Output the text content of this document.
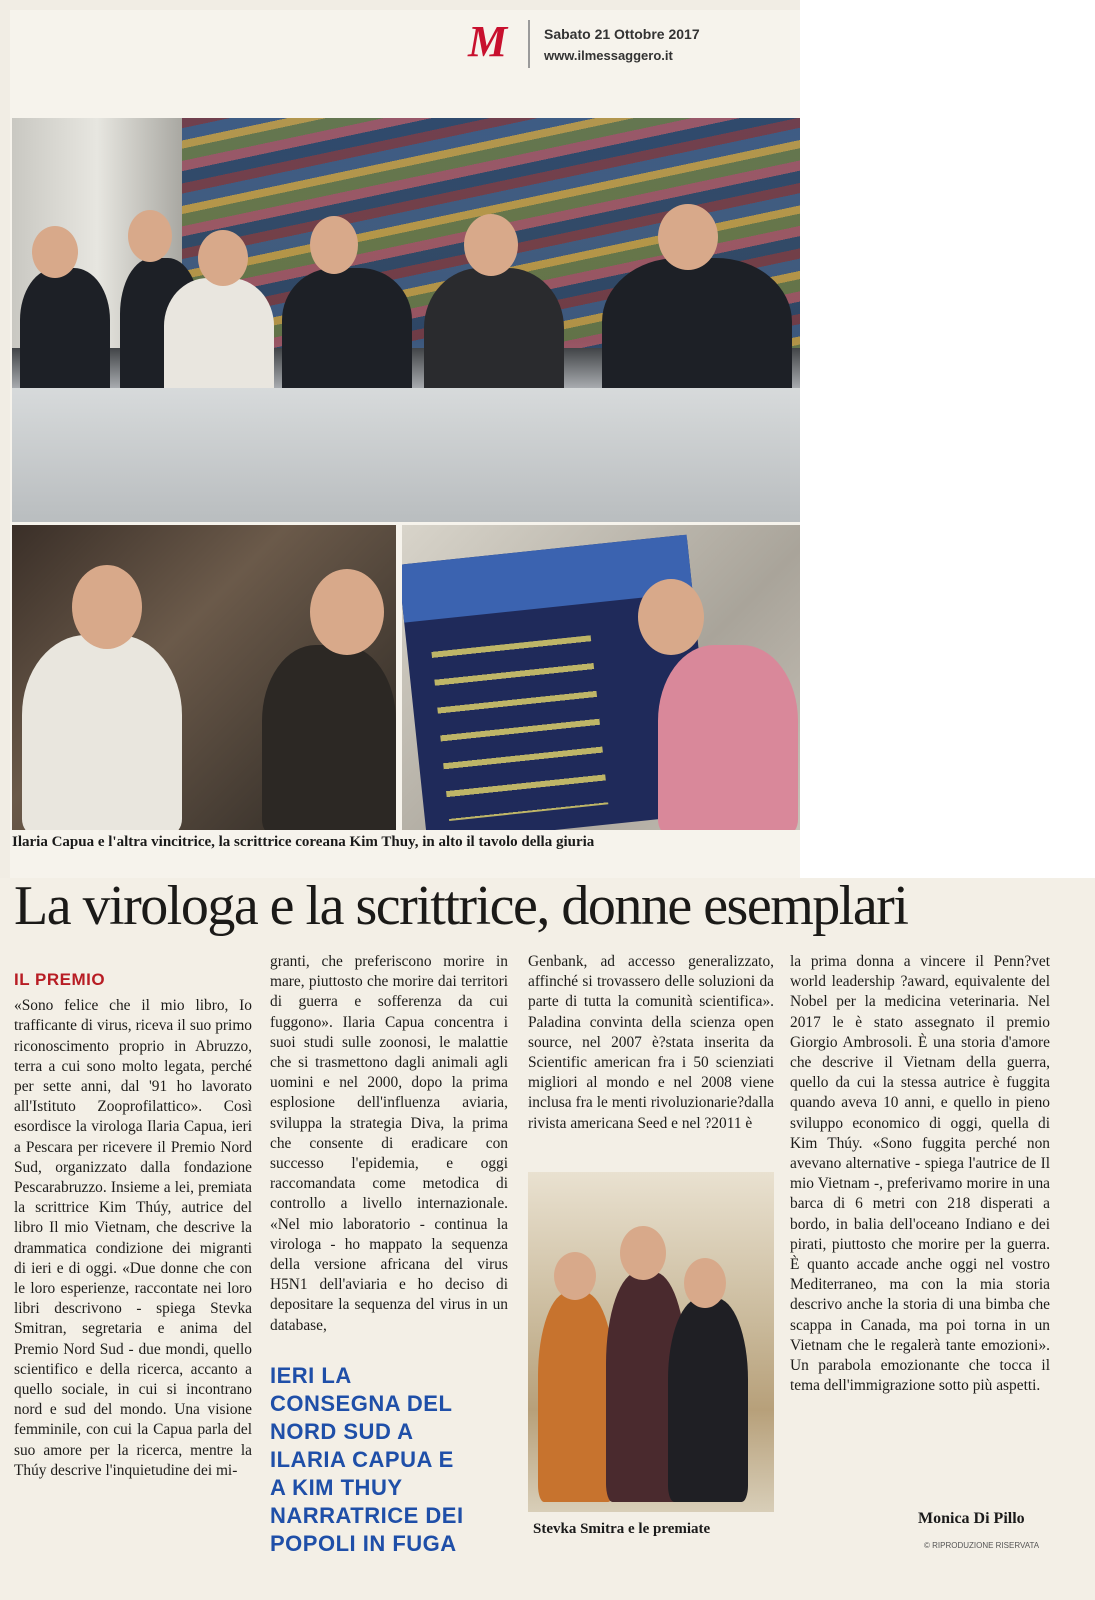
M	Sabato 21 Ottobre 2017
www.ilmessaggero.it
Ilaria Capua e l'altra vincitrice, la scrittrice coreana Kim Thuy, in alto il tavolo della giuria
La virologa e la scrittrice, donne esemplari
IL PREMIO

«Sono felice che il mio libro, Io trafficante di virus, riceva il suo primo riconoscimento proprio in Abruzzo, terra a cui sono molto legata, perché per sette anni, dal '91 ho lavorato all'Istituto Zooprofilattico». Così esordisce la virologa Ilaria Capua, ieri a Pescara per ricevere il Premio Nord Sud, organizzato dalla fondazione Pescarabruzzo. Insieme a lei, premiata la scrittrice Kim Thúy, autrice del libro Il mio Vietnam, che descrive la drammatica condizione dei migranti di ieri e di oggi. «Due donne che con le loro esperienze, raccontate nei loro libri descrivono - spiega Stevka Smitran, segretaria e anima del Premio Nord Sud - due mondi, quello scientifico e della ricerca, accanto a quello sociale, in cui si incontrano nord e sud del mondo. Una visione femminile, con cui la Capua parla del suo amore per la ricerca, mentre la Thúy descrive l'inquietudine dei mi-

granti, che preferiscono morire in mare, piuttosto che morire dai territori di guerra e sofferenza da cui fuggono». Ilaria Capua concentra i suoi studi sulle zoonosi, le malattie che si trasmettono dagli animali agli uomini e nel 2000, dopo la prima esplosione dell'influenza aviaria, sviluppa la strategia Diva, la prima che consente di eradicare con successo l'epidemia, e oggi raccomandata come metodica di controllo a livello internazionale. «Nel mio laboratorio - continua la virologa - ho mappato la sequenza della versione africana del virus H5N1 dell'aviaria e ho deciso di depositare la sequenza del virus in un database,

Genbank, ad accesso generalizzato, affinché si trovassero delle soluzioni da parte di tutta la comunità scientifica». Paladina convinta della scienza open source, nel 2007 è?stata inserita da Scientific american fra i 50 scienziati migliori al mondo e nel 2008 viene inclusa fra le menti rivoluzionarie?dalla rivista americana Seed e nel ?2011 è

la prima donna a vincere il Penn?vet world leadership ?award, equivalente del Nobel per la medicina veterinaria. Nel 2017 le è stato assegnato il premio Giorgio Ambrosoli. È una storia d'amore che descrive il Vietnam della guerra, quello da cui la stessa autrice è fuggita quando aveva 10 anni, e quello in pieno sviluppo economico di oggi, quella di Kim Thúy. «Sono fuggita perché non avevano alternative - spiega l'autrice de Il mio Vietnam -, preferivamo morire in una barca di 6 metri con 218 disperati a bordo, in balia dell'oceano Indiano e dei pirati, piuttosto che morire per la guerra. È quanto accade anche oggi nel vostro Mediterraneo, ma con la mia storia descrivo anche la storia di una bimba che scappa in Canada, ma poi torna in un Vietnam che le regalerà tante emozioni». Un parabola emozionante che tocca il tema dell'immigrazione sotto più aspetti.

IERI LA CONSEGNA DEL NORD SUD A ILARIA CAPUA E A KIM THUY NARRATRICE DEI POPOLI IN FUGA
Stevka Smitra e le premiate
Monica Di Pillo
© RIPRODUZIONE RISERVATA
